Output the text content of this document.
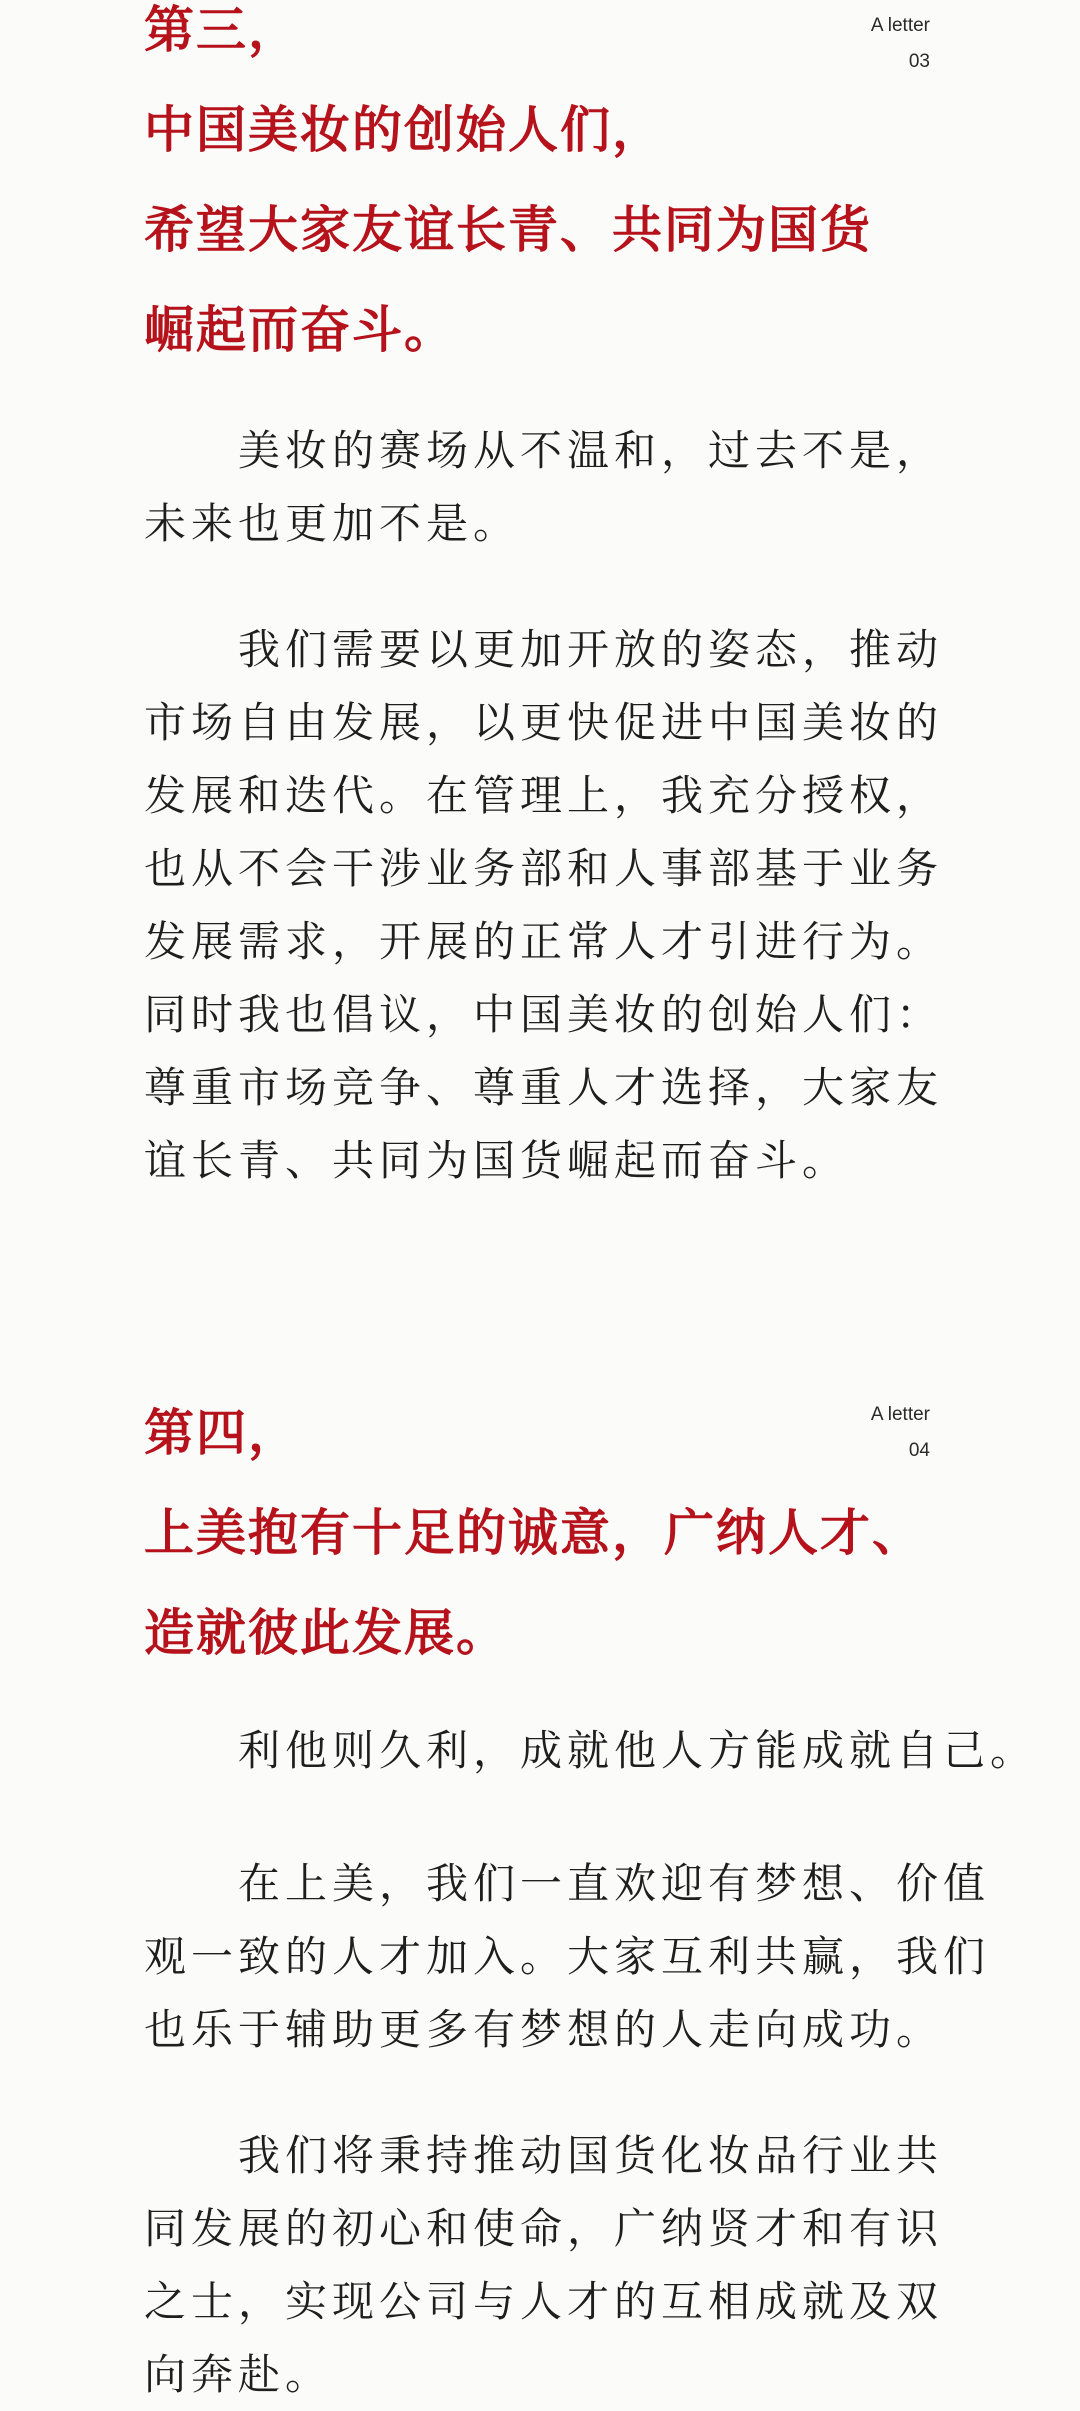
A letter
03
第三，
中国美妆的创始人们，
希望大家友谊长青、共同为国货
崛起而奋斗。

　　美妆的赛场从不温和，过去不是，
未来也更加不是。

　　我们需要以更加开放的姿态，推动
市场自由发展，以更快促进中国美妆的
发展和迭代。在管理上，我充分授权，
也从不会干涉业务部和人事部基于业务
发展需求，开展的正常人才引进行为。
同时我也倡议，中国美妆的创始人们：
尊重市场竞争、尊重人才选择，大家友
谊长青、共同为国货崛起而奋斗。

A letter
04
第四，
上美抱有十足的诚意，广纳人才、
造就彼此发展。

　　利他则久利，成就他人方能成就自己。

　　在上美，我们一直欢迎有梦想、价值
观一致的人才加入。大家互利共赢，我们
也乐于辅助更多有梦想的人走向成功。

　　我们将秉持推动国货化妆品行业共
同发展的初心和使命，广纳贤才和有识
之士，实现公司与人才的互相成就及双
向奔赴。
